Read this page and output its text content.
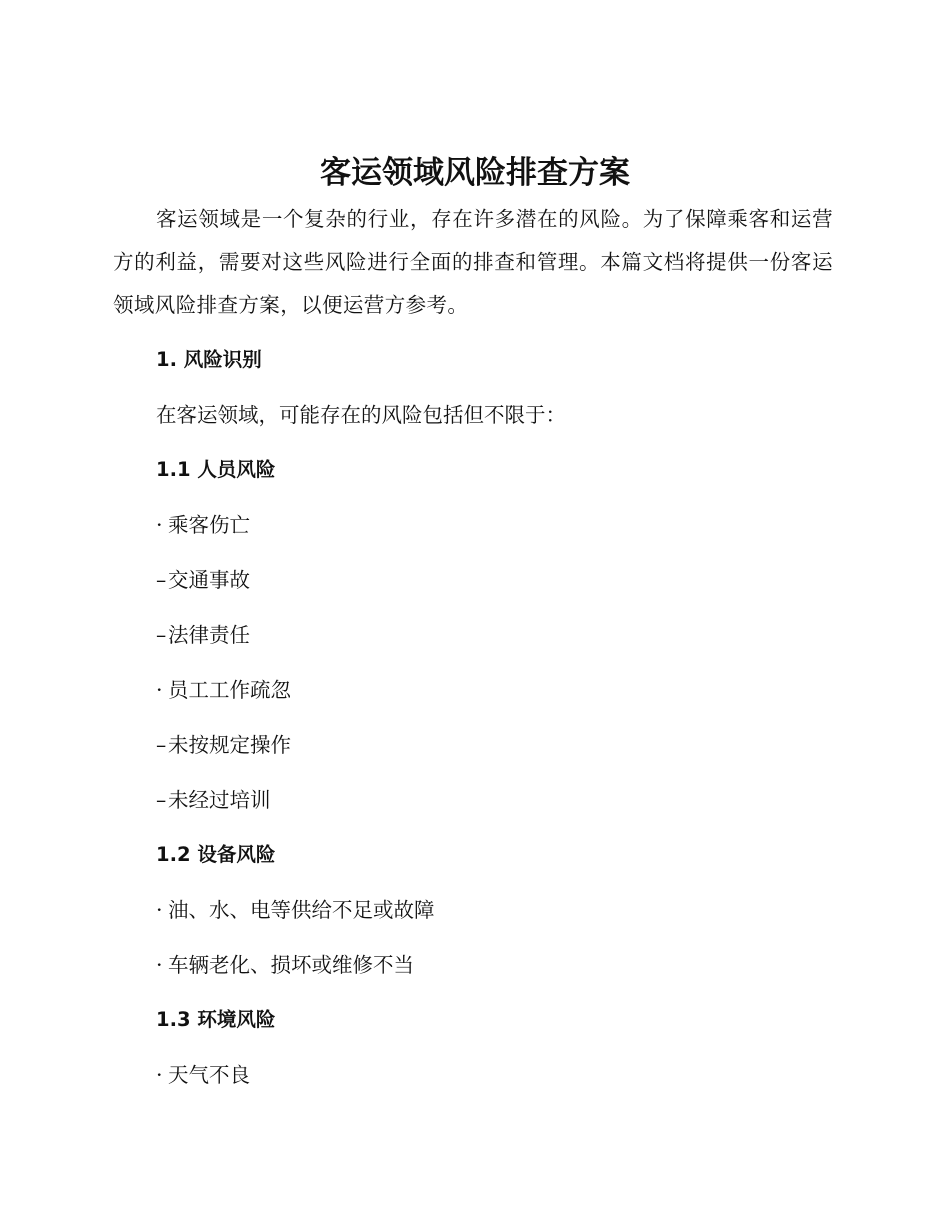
客运领域风险排查方案

客运领域是一个复杂的行业，存在许多潜在的风险。为了保障乘客和运营方的利益，需要对这些风险进行全面的排查和管理。本篇文档将提供一份客运领域风险排查方案，以便运营方参考。

1. 风险识别

在客运领域，可能存在的风险包括但不限于：

1.1 人员风险

· 乘客伤亡

–交通事故

–法律责任

· 员工工作疏忽

–未按规定操作

–未经过培训

1.2 设备风险

· 油、水、电等供给不足或故障

· 车辆老化、损坏或维修不当

1.3 环境风险

· 天气不良
